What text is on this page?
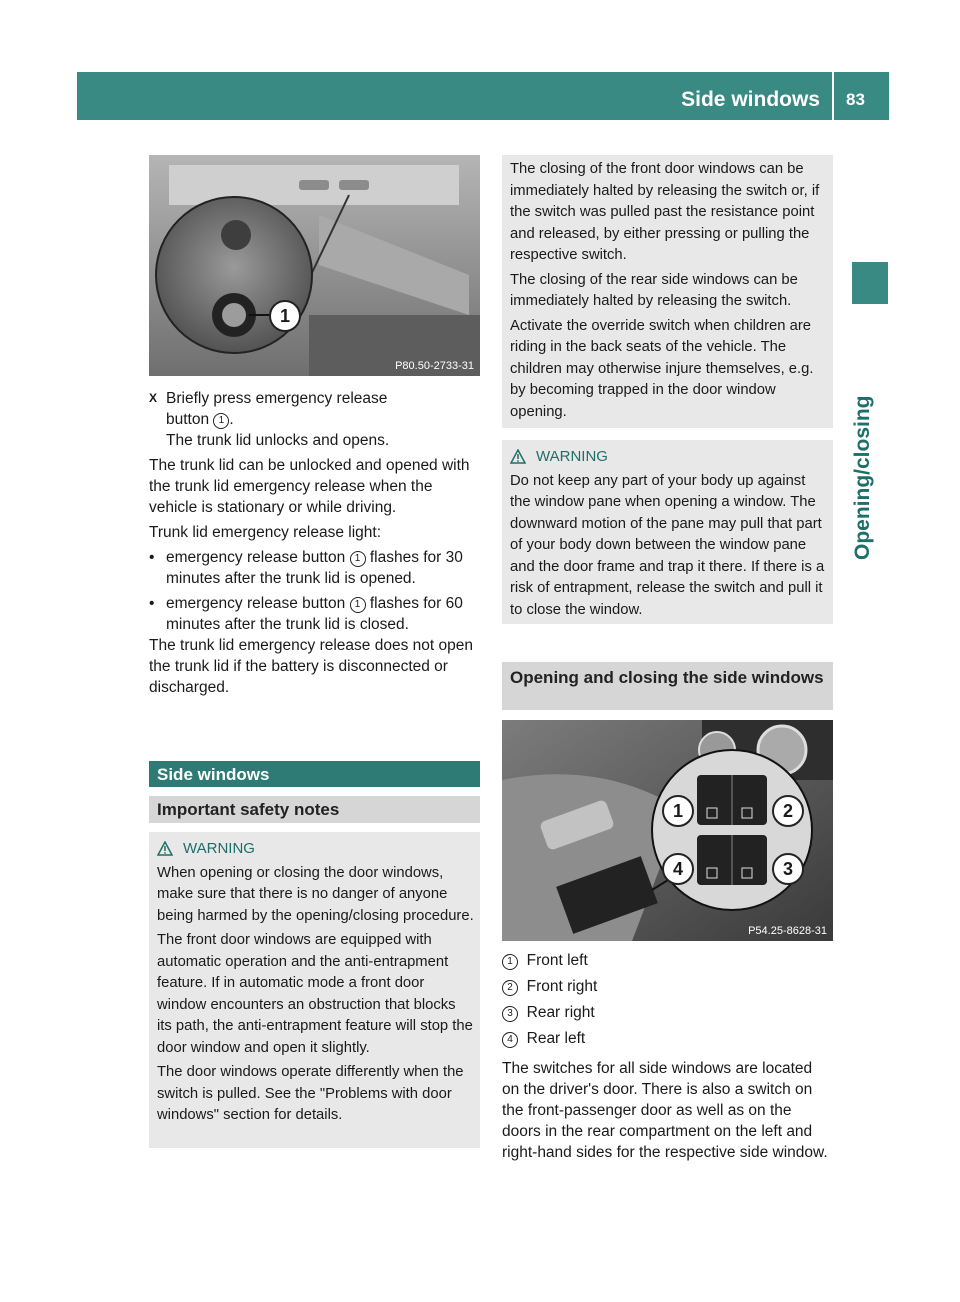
Side windows 83
Opening/closing
1
P80.50-2733-31
X Briefly press emergency release
button 1 .
The trunk lid unlocks and opens.

The trunk lid can be unlocked and opened with the trunk lid emergency release when the vehicle is stationary or while driving.

Trunk lid emergency release light:

• emergency release button 1 flashes for 30 minutes after the trunk lid is opened.
• emergency release button 1 flashes for 60 minutes after the trunk lid is closed.

The trunk lid emergency release does not open the trunk lid if the battery is disconnected or discharged.

Side windows
Important safety notes
WARNING

When opening or closing the door windows, make sure that there is no danger of anyone being harmed by the opening/closing procedure.

The front door windows are equipped with automatic operation and the anti-entrapment feature. If in automatic mode a front door window encounters an obstruction that blocks its path, the anti-entrapment feature will stop the door window and open it slightly.

The door windows operate differently when the switch is pulled. See the "Problems with door windows" section for details.

The closing of the front door windows can be immediately halted by releasing the switch or, if the switch was pulled past the resistance point and released, by either pressing or pulling the respective switch.

The closing of the rear side windows can be immediately halted by releasing the switch.

Activate the override switch when children are riding in the back seats of the vehicle. The children may otherwise injure themselves, e.g. by becoming trapped in the door window opening.

WARNING

Do not keep any part of your body up against the window pane when opening a window. The downward motion of the pane may pull that part of your body down between the window pane and the door frame and trap it there. If there is a risk of entrapment, release the switch and pull it to close the window.

Opening and closing the side windows
1	2
4	3
P54.25-8628-31
1 Front left
2 Front right
3 Rear right
4 Rear left

The switches for all side windows are located on the driver's door. There is also a switch on the front-passenger door as well as on the doors in the rear compartment on the left and right-hand sides for the respective side window.
